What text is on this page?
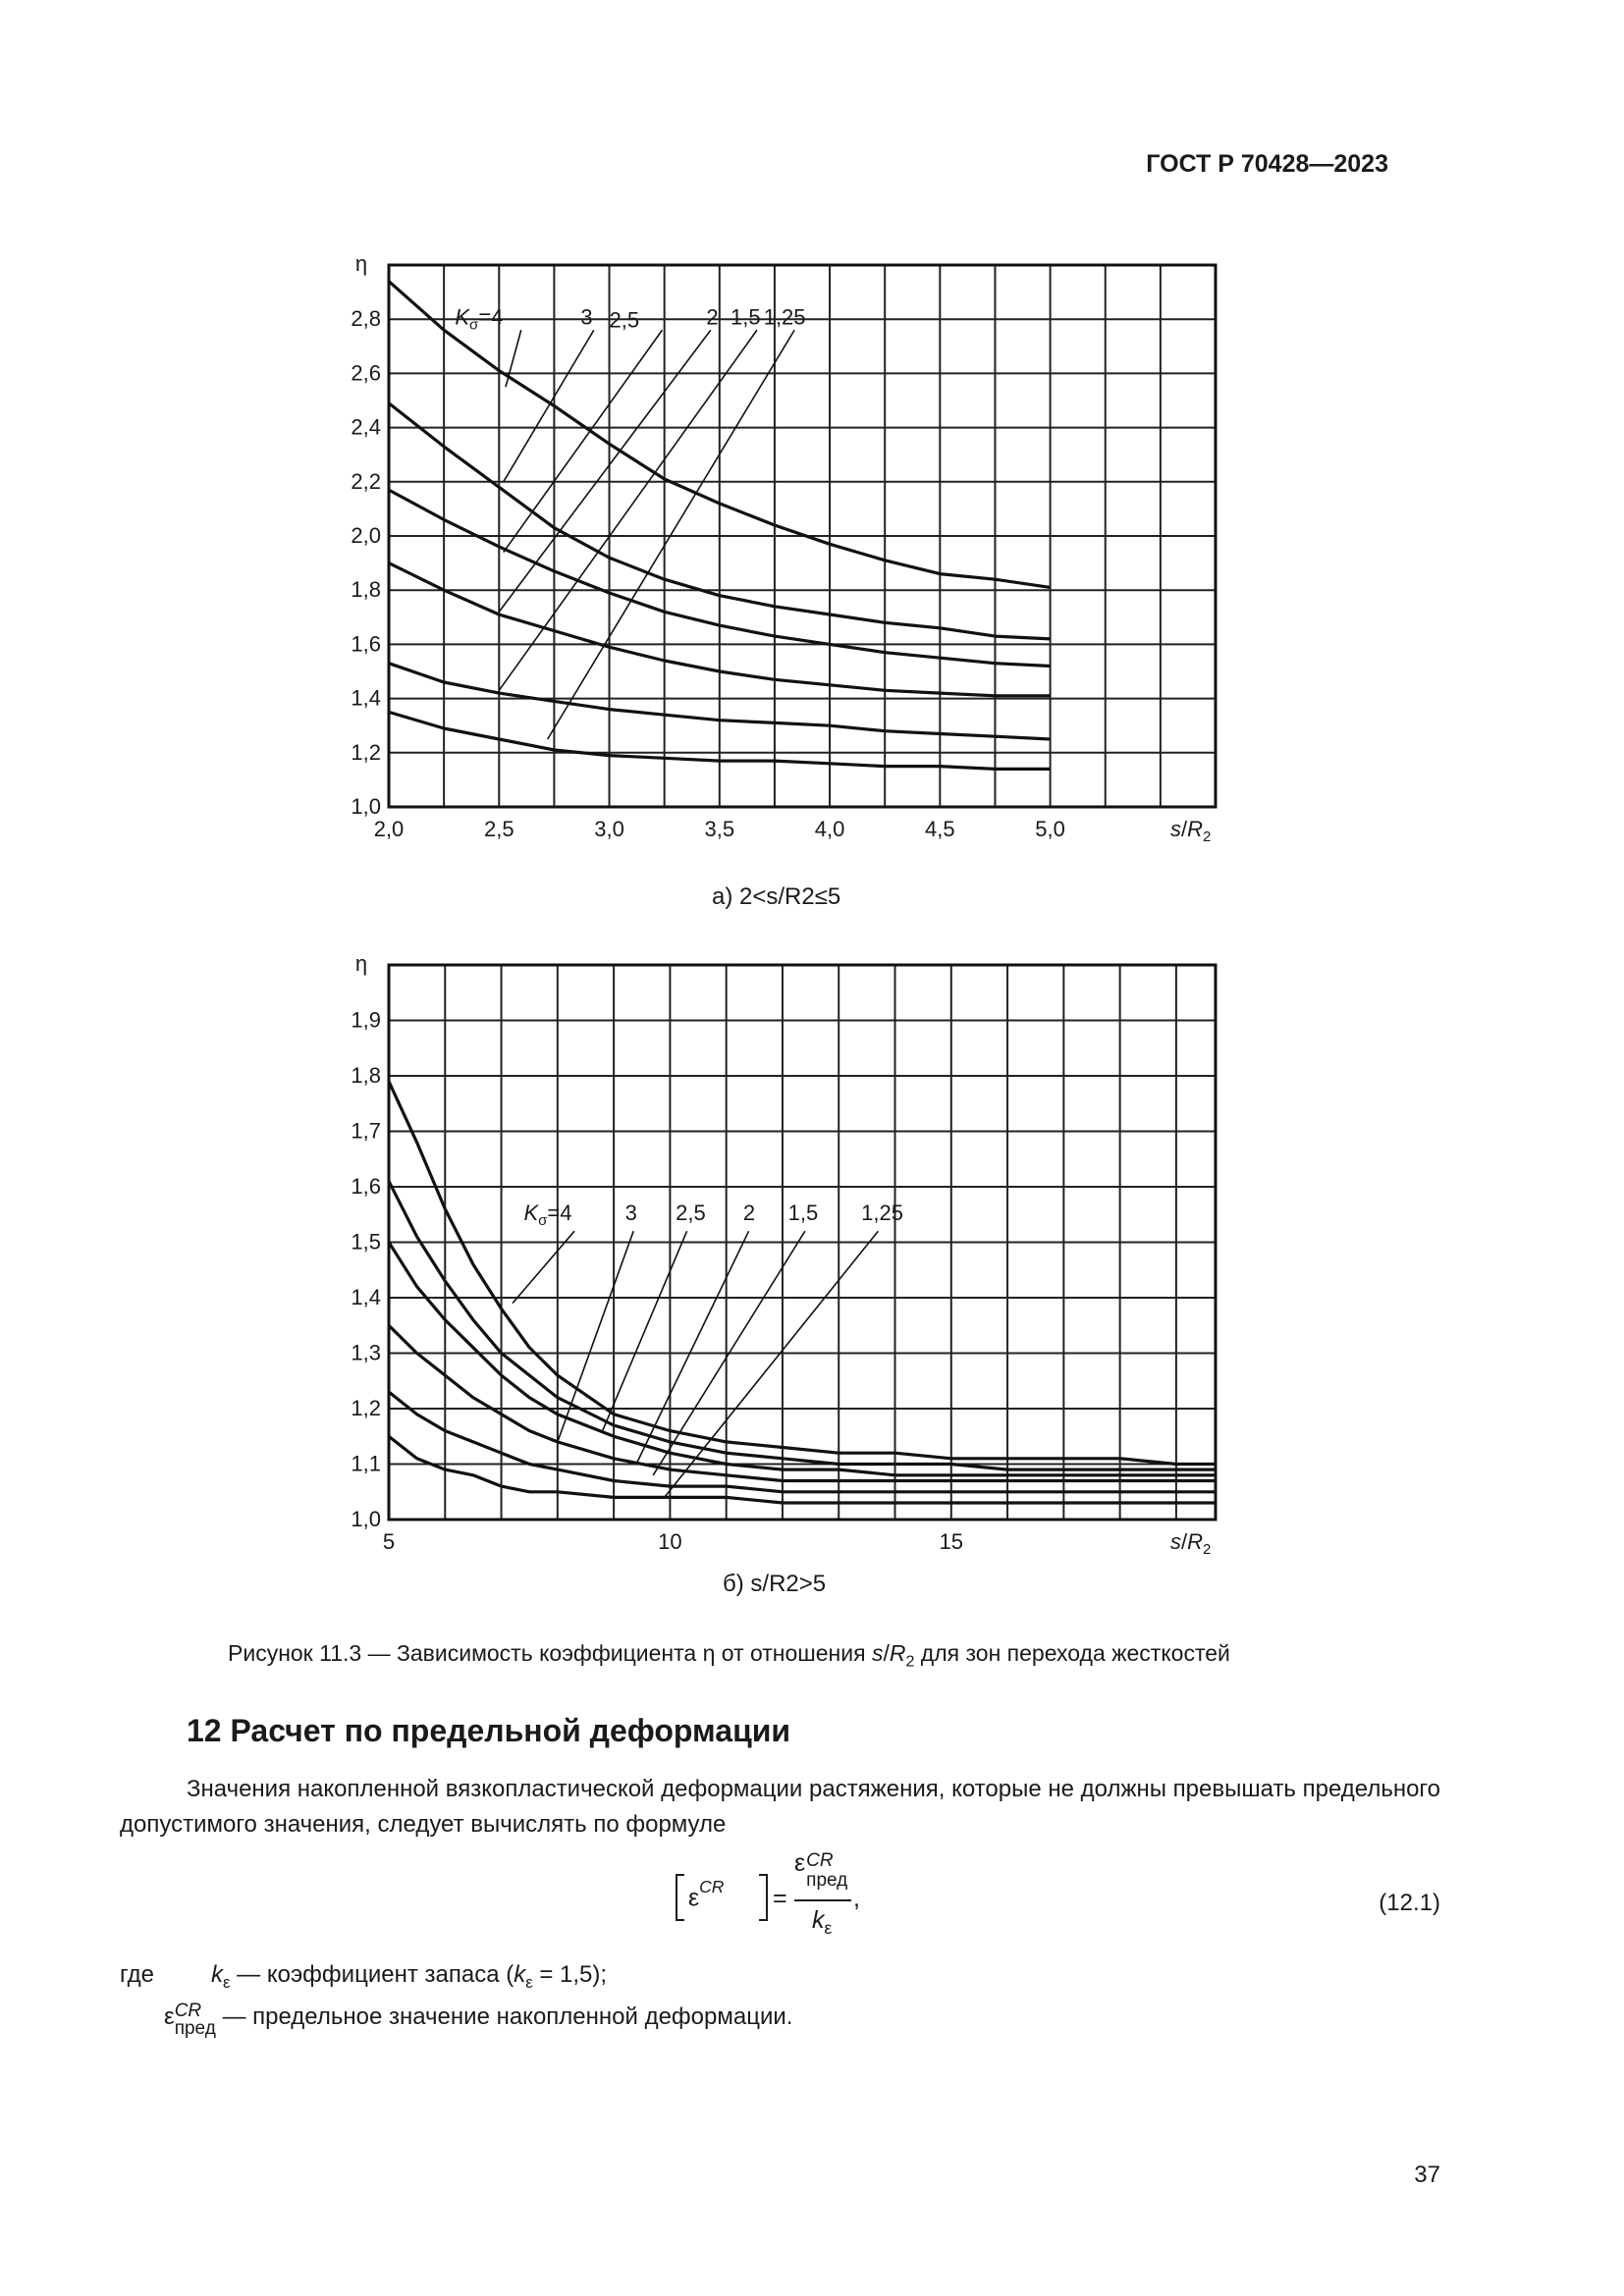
ГОСТ Р 70428—2023
1,0
1,2
1,4
1,6
1,8
2,0
2,2
2,4
2,6
2,8
η
2,0	2,5	3,0	3,5	4,0	4,5	5,0	$s/R_2$
$K_\sigma=4$	3 2,5	2 1,5 1,25
1,0
1,1
1,2
1,3
1,4
1,5
1,6
1,7
1,8
1,9
η
5	10	15	$s/R_2$
$K_\sigma=4$ 3 2,5 2 1,5 1,25
а) 2<s/R2≤5
б) s/R2>5
Рисунок 11.3 — Зависимость коэффициента η от отношения $s/R_2$ для зон перехода жесткостей
12 Расчет по предельной деформации
Значения накопленной вязкопластической деформации растяжения, которые не должны превышать предельного допустимого значения, следует вычислять по формуле
$\varepsilon^{CR}$ =
εCR
пред
$k_\varepsilon$
,	(12.1)
где $k_\varepsilon$ — коэффициент запаса $(k_\varepsilon = 1,5)$;
εCR
пред — предельное значение накопленной деформации.
37
